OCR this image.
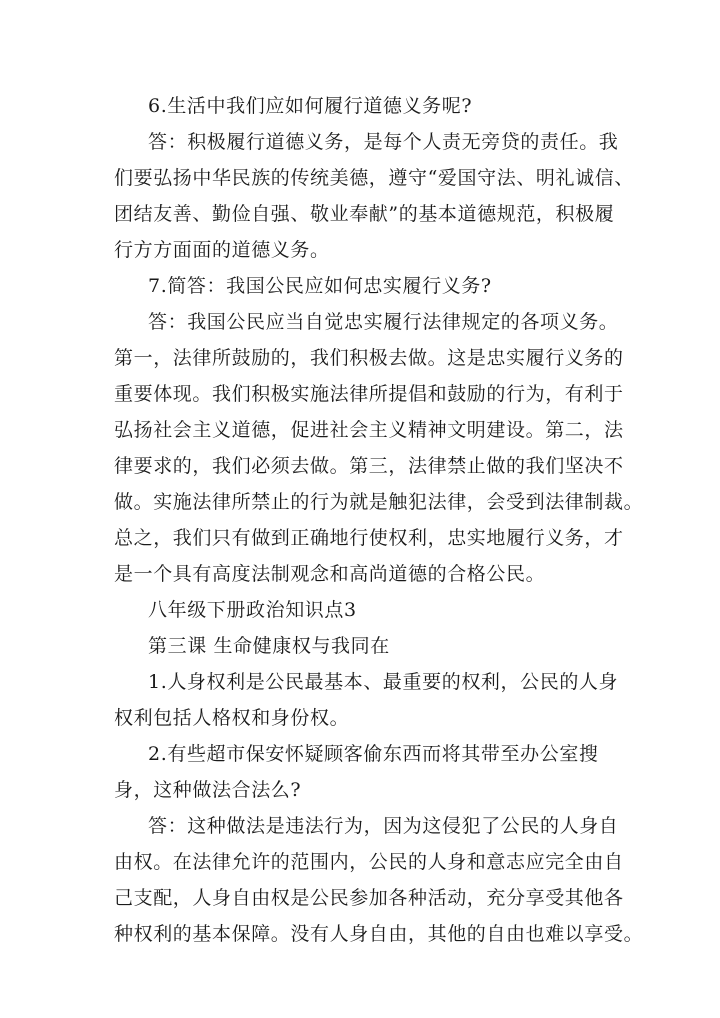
6.生活中我们应如何履行道德义务呢?
答：积极履行道德义务，是每个人责无旁贷的责任。我
们要弘扬中华民族的传统美德，遵守“爱国守法、明礼诚信、
团结友善、勤俭自强、敬业奉献”的基本道德规范，积极履
行方方面面的道德义务。
7.简答：我国公民应如何忠实履行义务?
答：我国公民应当自觉忠实履行法律规定的各项义务。
第一，法律所鼓励的，我们积极去做。这是忠实履行义务的
重要体现。我们积极实施法律所提倡和鼓励的行为，有利于
弘扬社会主义道德，促进社会主义精神文明建设。第二，法
律要求的，我们必须去做。第三，法律禁止做的我们坚决不
做。实施法律所禁止的行为就是触犯法律，会受到法律制裁。
总之，我们只有做到正确地行使权利，忠实地履行义务，才
是一个具有高度法制观念和高尚道德的合格公民。
八年级下册政治知识点3
第三课 生命健康权与我同在
1.人身权利是公民最基本、最重要的权利，公民的人身
权利包括人格权和身份权。
2.有些超市保安怀疑顾客偷东西而将其带至办公室搜
身，这种做法合法么?
答：这种做法是违法行为，因为这侵犯了公民的人身自
由权。在法律允许的范围内，公民的人身和意志应完全由自
己支配，人身自由权是公民参加各种活动，充分享受其他各
种权利的基本保障。没有人身自由，其他的自由也难以享受。
